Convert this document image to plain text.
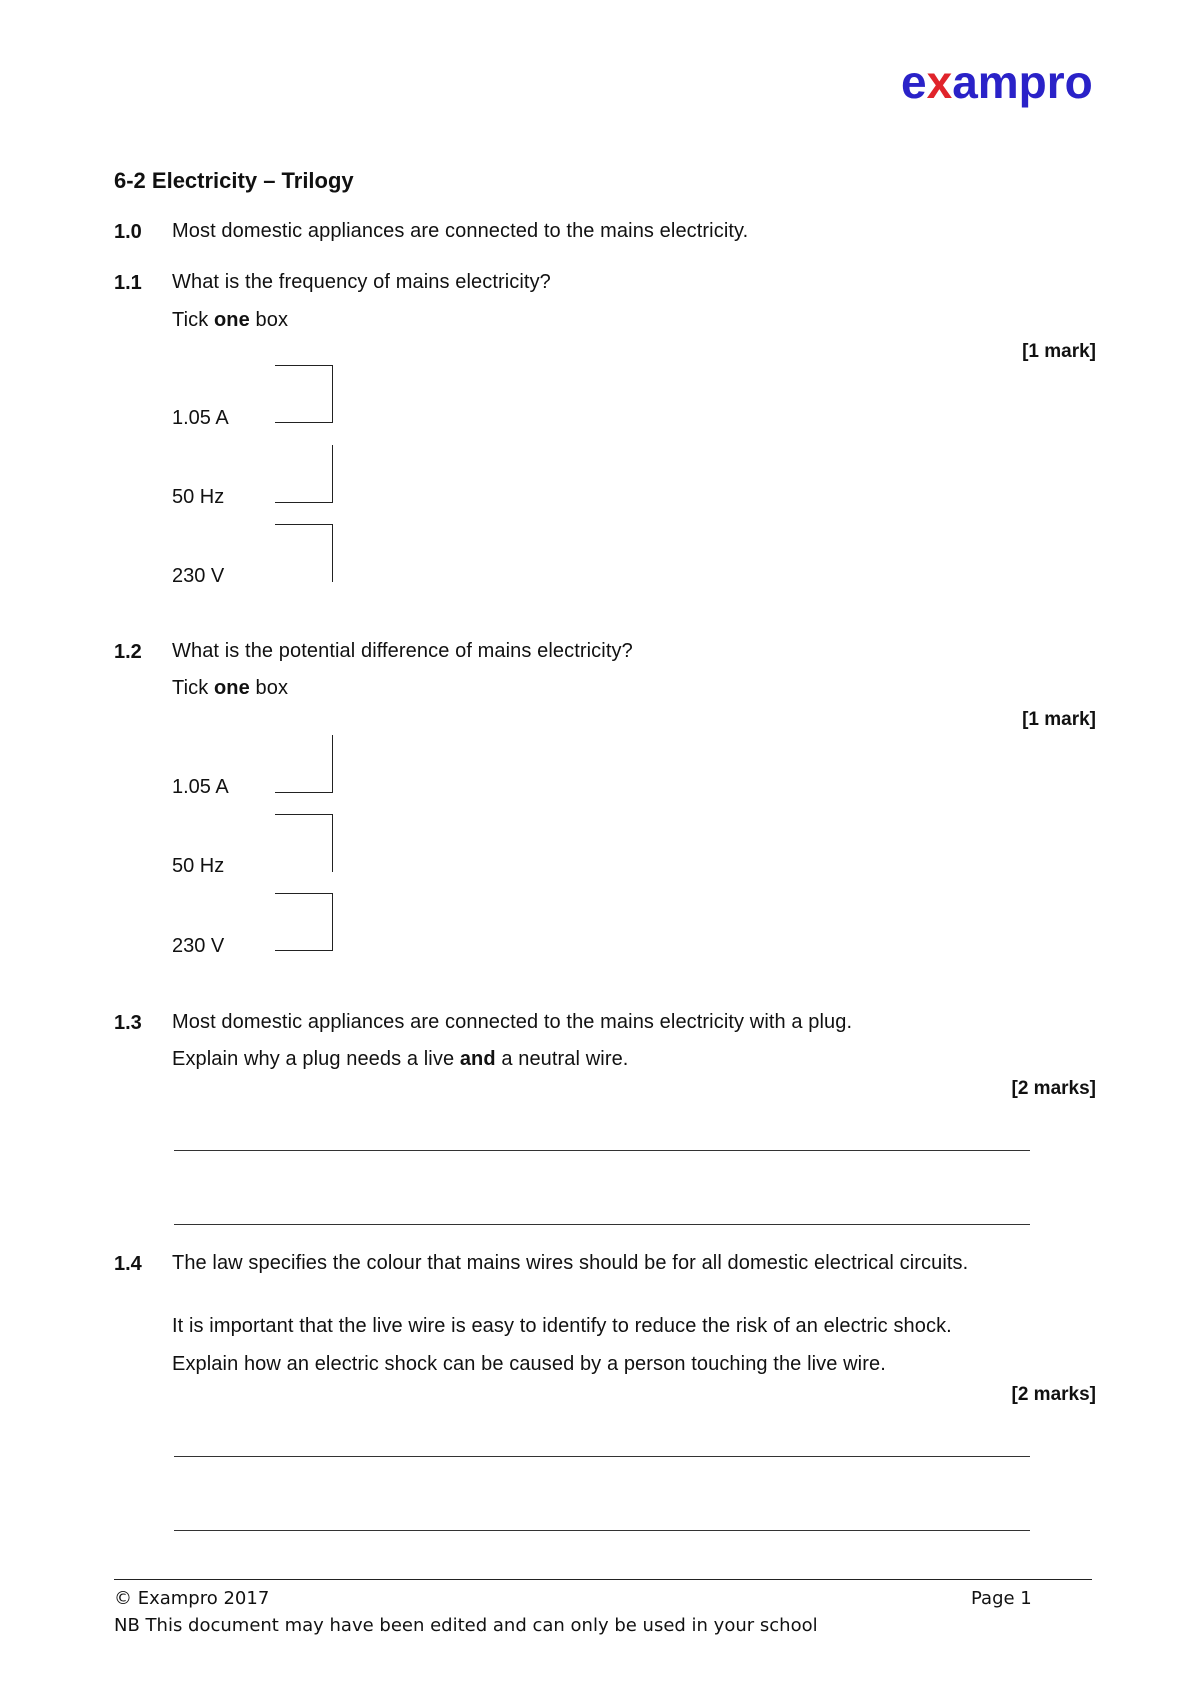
exampro
6-2 Electricity – Trilogy
1.0 Most domestic appliances are connected to the mains electricity.
1.1 What is the frequency of mains electricity?
Tick one box
[1 mark]
1.05 A
50 Hz
230 V
1.2 What is the potential difference of mains electricity?
Tick one box
[1 mark]
1.05 A
50 Hz
230 V
1.3 Most domestic appliances are connected to the mains electricity with a plug.
Explain why a plug needs a live and a neutral wire.
[2 marks]
1.4 The law specifies the colour that mains wires should be for all domestic electrical circuits.
It is important that the live wire is easy to identify to reduce the risk of an electric shock.
Explain how an electric shock can be caused by a person touching the live wire.
[2 marks]
© Exampro 2017	Page 1
NB This document may have been edited and can only be used in your school
